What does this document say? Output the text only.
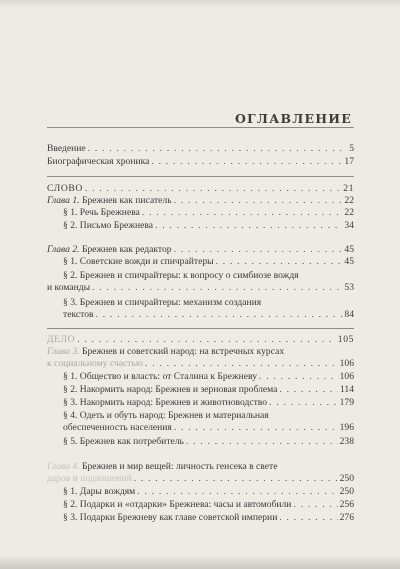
ОГЛАВЛЕНИЕ
Введение . . .	5
Биографическая хроника . . .	17
СЛОВО . . .	21
Глава 1. Брежнев как писатель . . .	22
§ 1. Речь Брежнева . . .	22
§ 2. Письмо Брежнева . . .	34
Глава 2. Брежнев как редактор . . .	45
§ 1. Советские вожди и спичрайтеры . . .	45
§ 2. Брежнев и спичрайтеры: к вопросу о симбиозе вождя
и команды . . .	53
§ 3. Брежнев и спичрайтеры: механизм создания
текстов . . .	84
ДЕЛО . . .	105
Глава 3. Брежнев и советский народ: на встречных курсах
к социальному счастью . . .	106
§ 1. Общество и власть: от Сталина к Брежневу . . .	106
§ 2. Накормить народ: Брежнев и зерновая проблема . . .	114
§ 3. Накормить народ: Брежнев и животноводство . . .	179
§ 4. Одеть и обуть народ: Брежнев и материальная
обеспеченность населения . . .	196
§ 5. Брежнев как потребитель . . .	238
Глава 4. Брежнев и мир вещей: личность генсека в свете
даров и подношений . . .	250
§ 1. Дары вождям . . .	250
§ 2. Подарки и «отдарки» Брежнева: часы и автомобили . . .	256
§ 3. Подарки Брежневу как главе советской империи . . .	276
